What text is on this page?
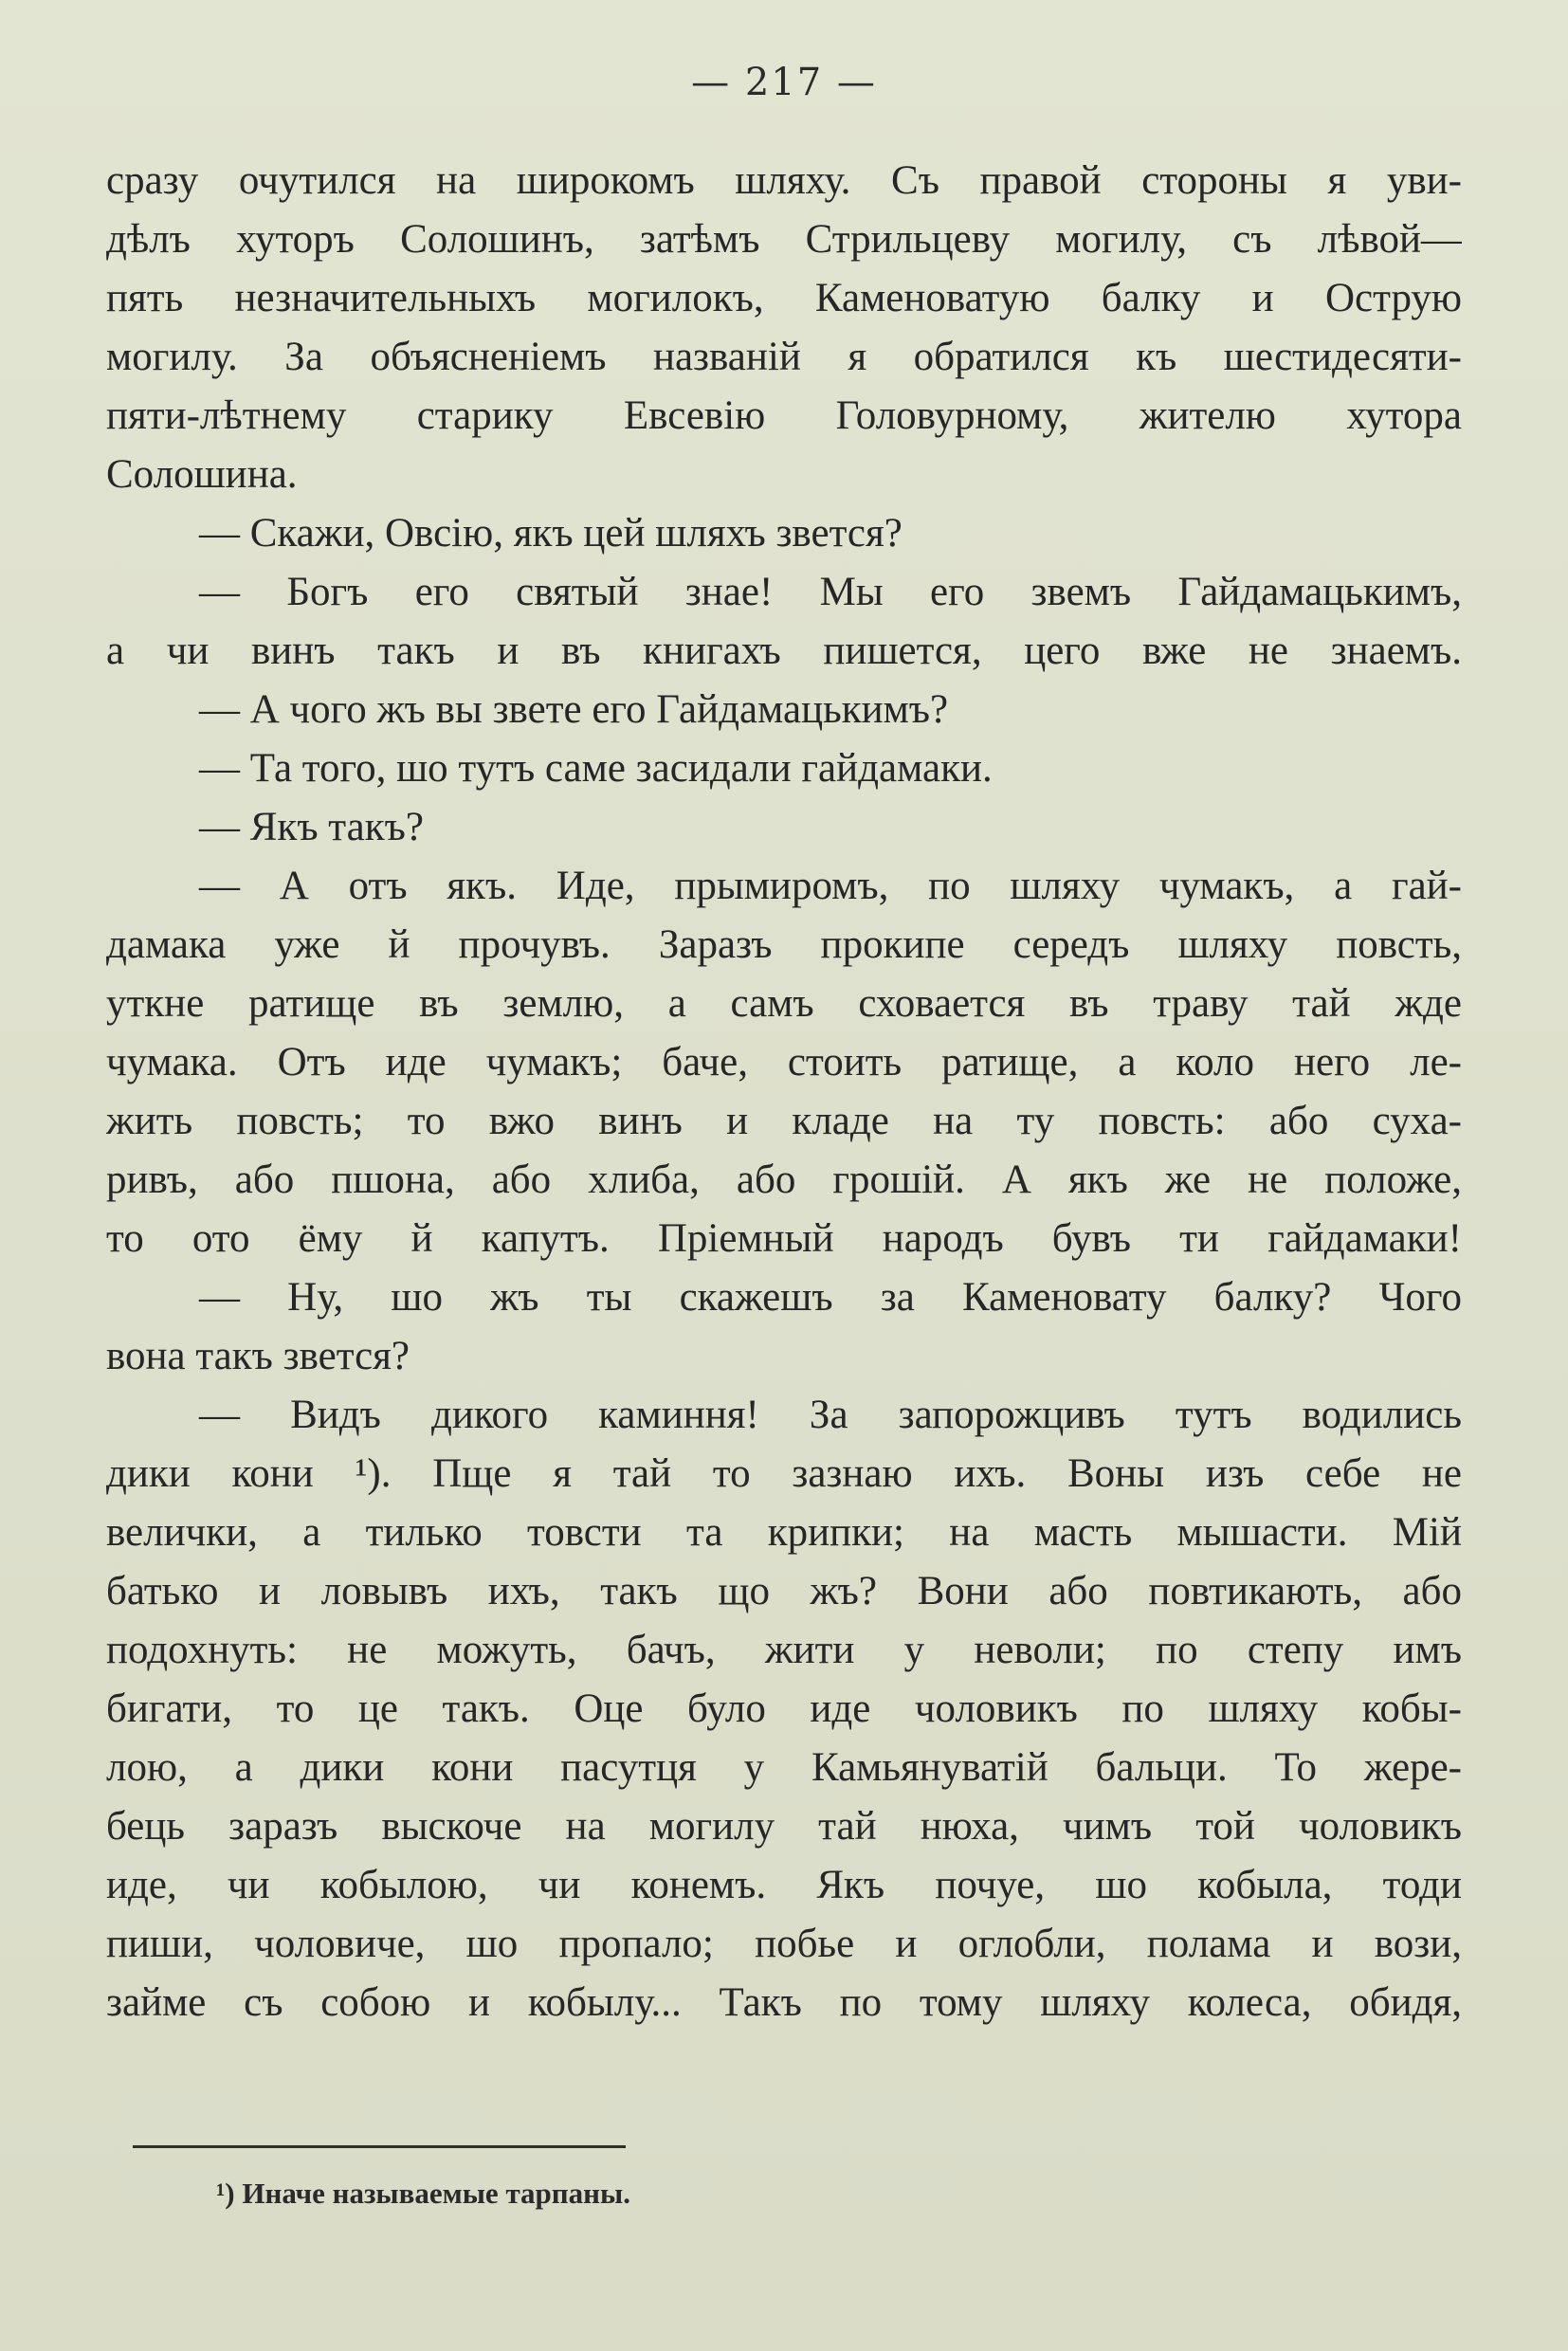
— 217 —
сразу очутился на широкомъ шляху. Съ правой стороны я уви-
дѣлъ хуторъ Солошинъ, затѣмъ Стрильцеву могилу, съ лѣвой—
пять незначительныхъ могилокъ, Каменоватую балку и Острую
могилу. За объясненіемъ названій я обратился къ шестидесяти-
пяти-лѣтнему старику Евсевію Головурному, жителю хутора
Солошина.
— Скажи, Овсію, якъ цей шляхъ звется?
— Богъ его святый знае! Мы его звемъ Гайдамацькимъ,
а чи винъ такъ и въ книгахъ пишется, цего вже не знаемъ.
— А чого жъ вы звете его Гайдамацькимъ?
— Та того, шо тутъ саме засидали гайдамаки.
— Якъ такъ?
— А отъ якъ. Иде, прымиромъ, по шляху чумакъ, а гай-
дамака уже й прочувъ. Заразъ прокипе середъ шляху повсть,
уткне ратище въ землю, а самъ сховается въ траву тай жде
чумака. Отъ иде чумакъ; баче, стоить ратище, а коло него ле-
жить повсть; то вжо винъ и кладе на ту повсть: або суха-
ривъ, або пшона, або хлиба, або грошій. А якъ же не положе,
то ото ёму й капутъ. Пріемный народъ бувъ ти гайдамаки!
— Ну, шо жъ ты скажешъ за Каменовату балку? Чого
вона такъ звется?
— Видъ дикого каминня! За запорожцивъ тутъ водились
дики кони ¹). Пще я тай то зазнаю ихъ. Воны изъ себе не
велички, а тилько товсти та крипки; на масть мышасти. Мій
батько и ловывъ ихъ, такъ що жъ? Вони або повтикають, або
подохнуть: не можуть, бачъ, жити у неволи; по степу имъ
бигати, то це такъ. Оце було иде чоловикъ по шляху кобы-
лою, а дики кони пасутця у Камьянуватій бальци. То жере-
бець заразъ выскоче на могилу тай нюха, чимъ той чоловикъ
иде, чи кобылою, чи конемъ. Якъ почуе, шо кобыла, тоди
пиши, чоловиче, шо пропало; побье и оглобли, полама и вози,
займе съ собою и кобылу... Такъ по тому шляху колеса, обидя,
¹) Иначе называемые тарпаны.
